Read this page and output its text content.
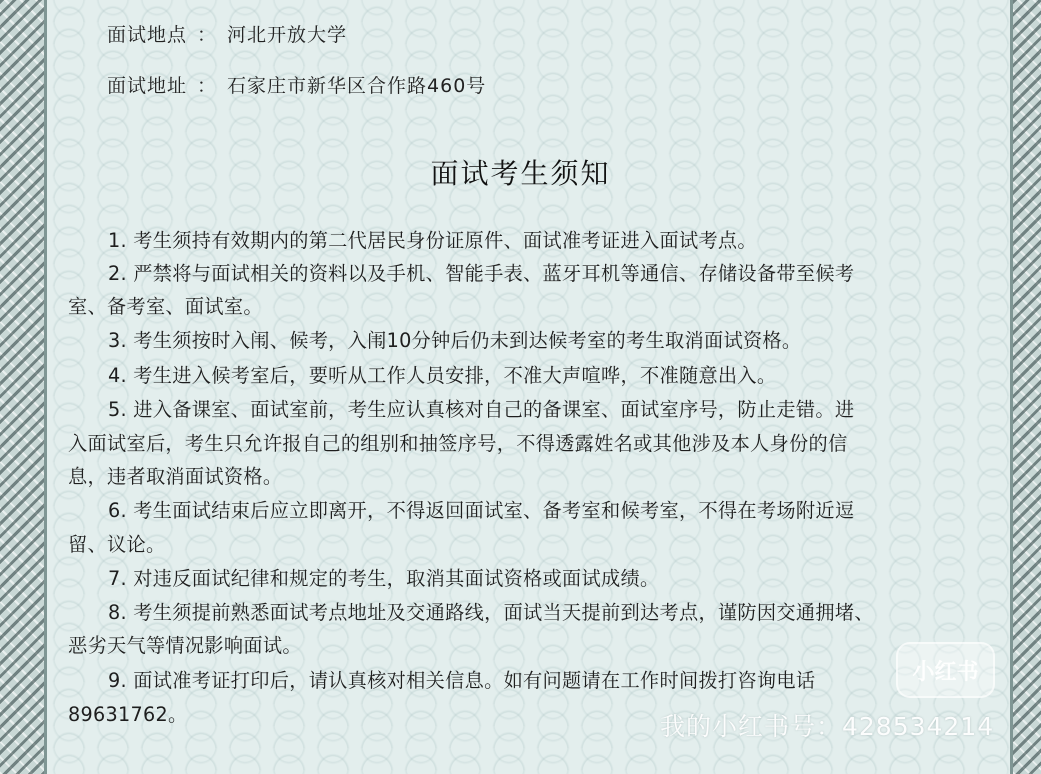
面试地点 ： 河北开放大学
面试地址 ： 石家庄市新华区合作路460号
面试考生须知

1. 考生须持有效期内的第二代居民身份证原件、面试准考证进入面试考点。

2. 严禁将与面试相关的资料以及手机、智能手表、蓝牙耳机等通信、存储设备带至候考

室、备考室、面试室。

3. 考生须按时入闱、候考，入闱10分钟后仍未到达候考室的考生取消面试资格。

4. 考生进入候考室后，要听从工作人员安排，不准大声喧哗，不准随意出入。

5. 进入备课室、面试室前，考生应认真核对自己的备课室、面试室序号，防止走错。进

入面试室后，考生只允许报自己的组别和抽签序号，不得透露姓名或其他涉及本人身份的信

息，违者取消面试资格。

6. 考生面试结束后应立即离开，不得返回面试室、备考室和候考室，不得在考场附近逗

留、议论。

7. 对违反面试纪律和规定的考生，取消其面试资格或面试成绩。

8. 考生须提前熟悉面试考点地址及交通路线，面试当天提前到达考点，谨防因交通拥堵、

恶劣天气等情况影响面试。

9. 面试准考证打印后，请认真核对相关信息。如有问题请在工作时间拨打咨询电话

89631762。

小红书
我的小红书号：428534214
